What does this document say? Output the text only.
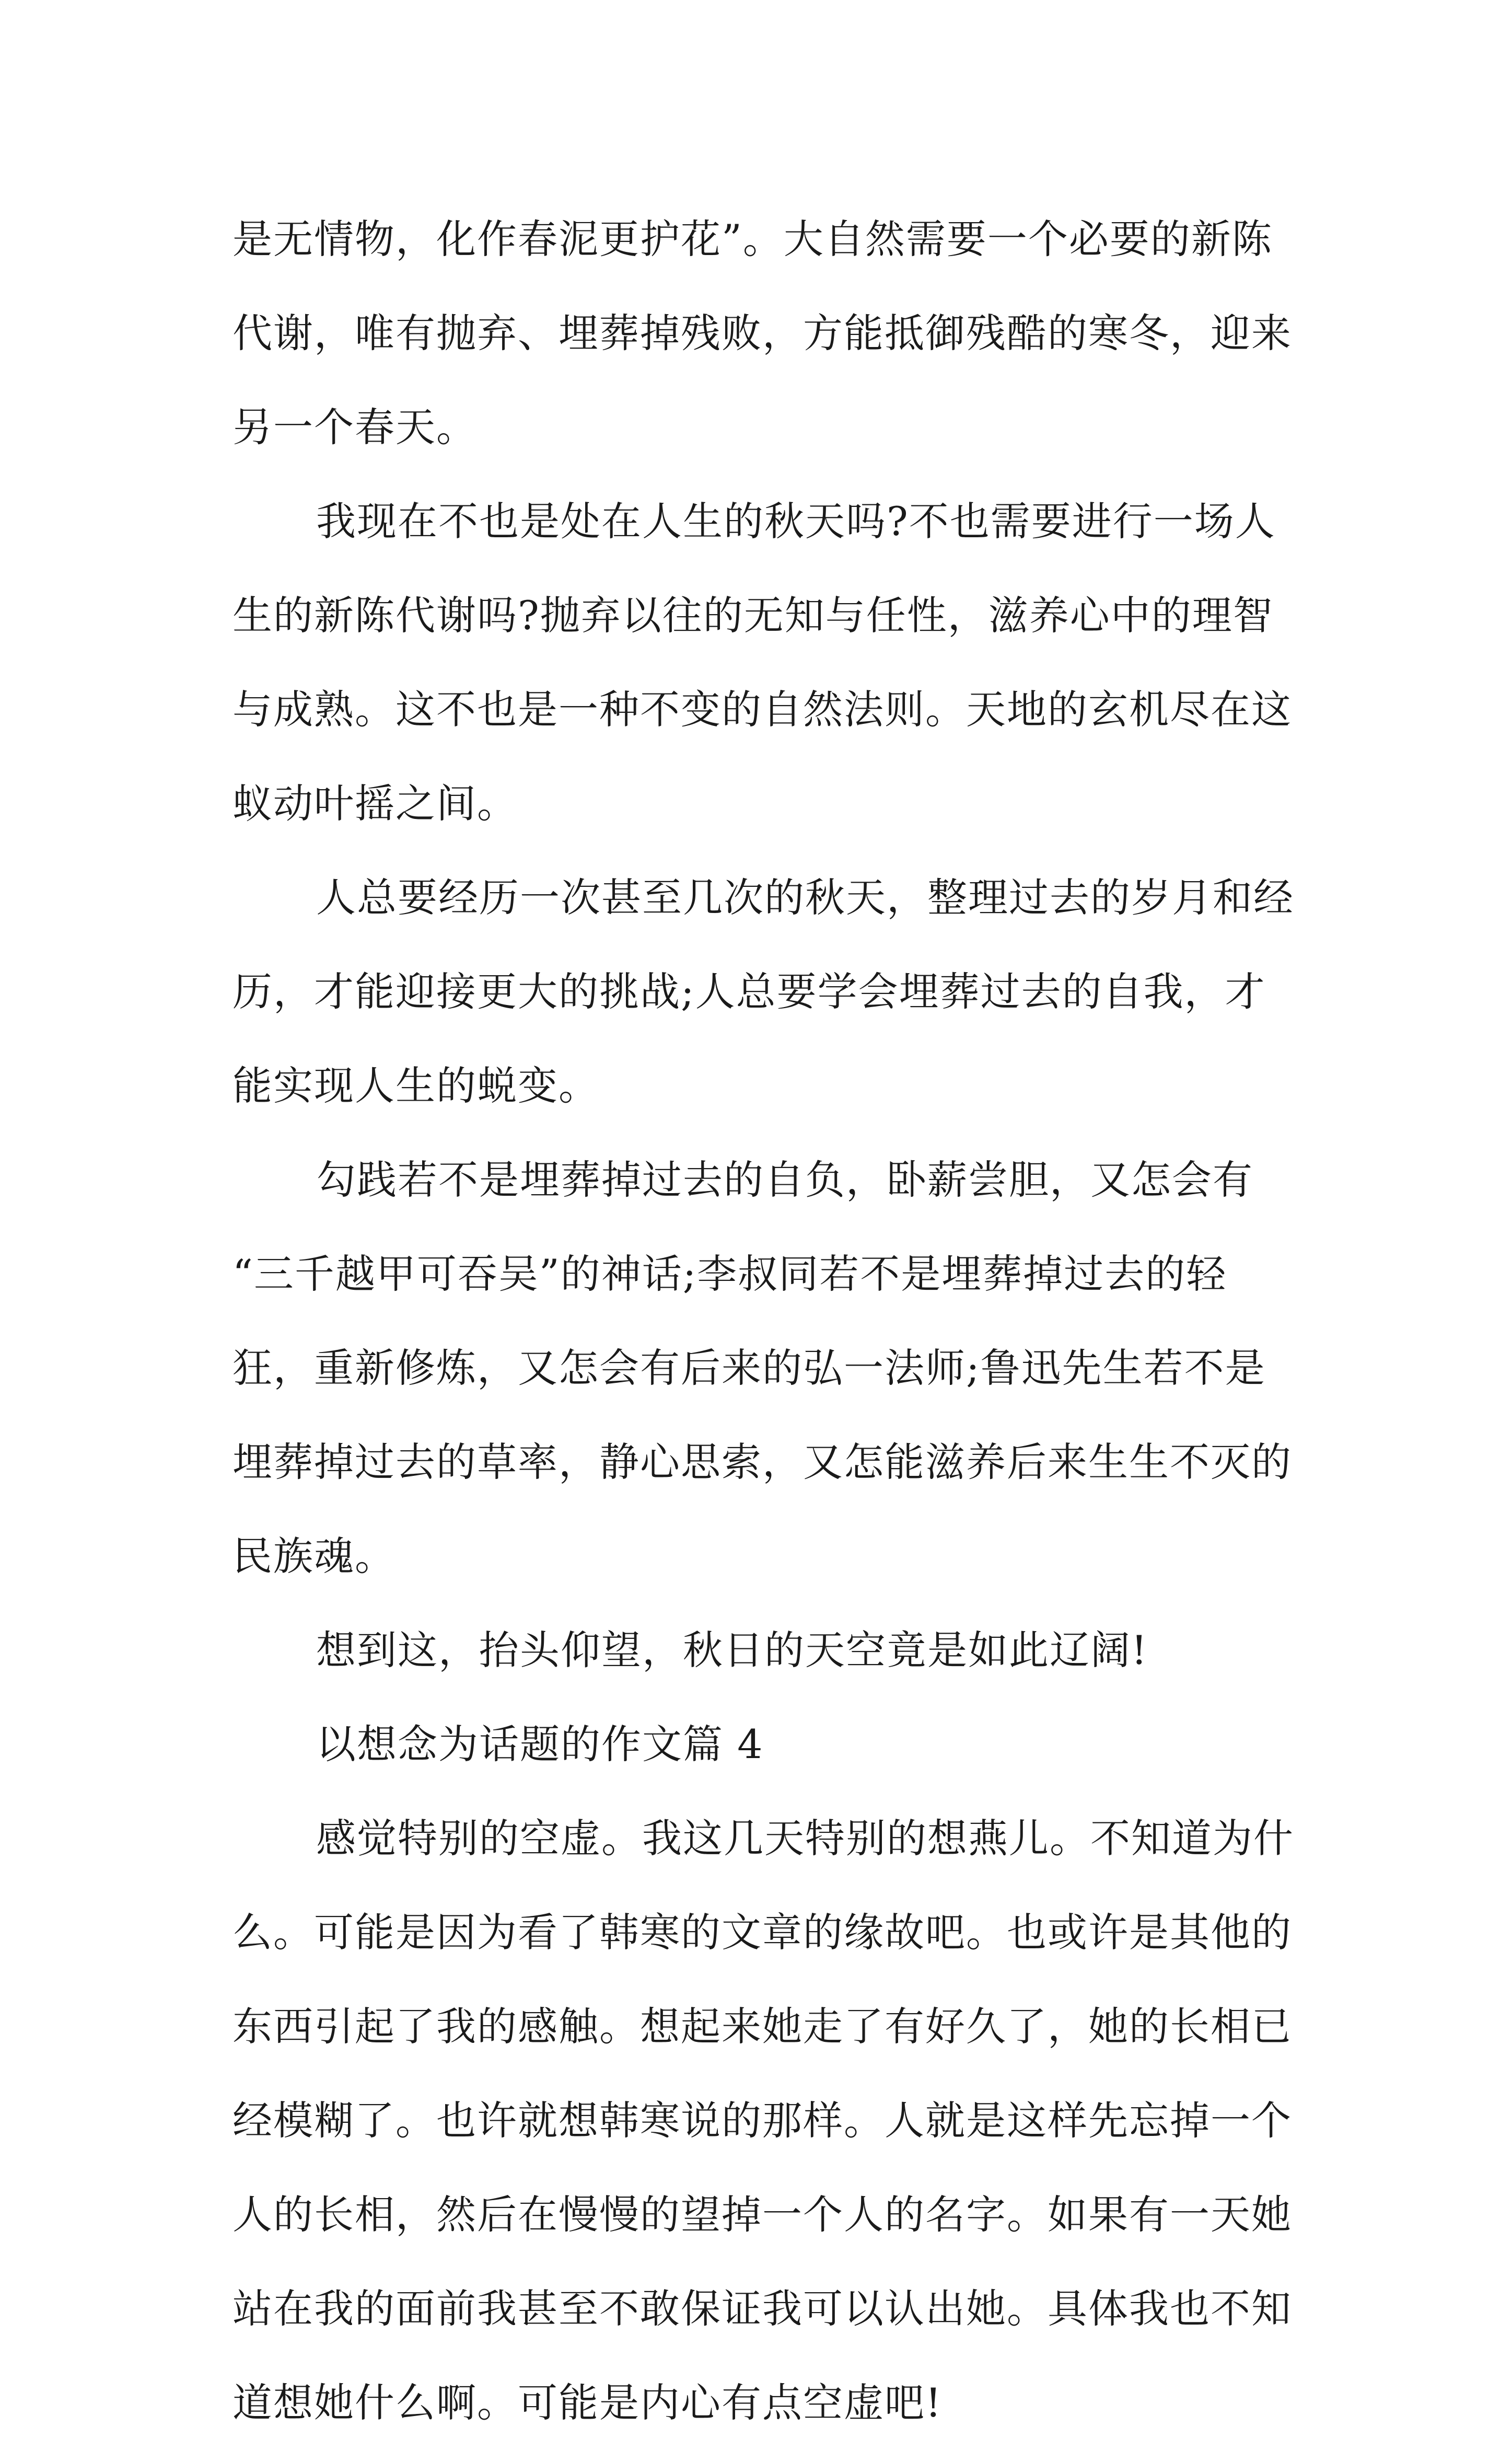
是无情物，化作春泥更护花”。大自然需要一个必要的新陈
代谢，唯有抛弃、埋葬掉残败，方能抵御残酷的寒冬，迎来
另一个春天。
我现在不也是处在人生的秋天吗?不也需要进行一场人
生的新陈代谢吗?抛弃以往的无知与任性，滋养心中的理智
与成熟。这不也是一种不变的自然法则。天地的玄机尽在这
蚁动叶摇之间。
人总要经历一次甚至几次的秋天，整理过去的岁月和经
历，才能迎接更大的挑战;人总要学会埋葬过去的自我，才
能实现人生的蜕变。
勾践若不是埋葬掉过去的自负，卧薪尝胆，又怎会有
“三千越甲可吞吴”的神话;李叔同若不是埋葬掉过去的轻
狂，重新修炼，又怎会有后来的弘一法师;鲁迅先生若不是
埋葬掉过去的草率，静心思索，又怎能滋养后来生生不灭的
民族魂。
想到这，抬头仰望，秋日的天空竟是如此辽阔!
以想念为话题的作文篇 4
感觉特别的空虚。我这几天特别的想燕儿。不知道为什
么。可能是因为看了韩寒的文章的缘故吧。也或许是其他的
东西引起了我的感触。想起来她走了有好久了，她的长相已
经模糊了。也许就想韩寒说的那样。人就是这样先忘掉一个
人的长相，然后在慢慢的望掉一个人的名字。如果有一天她
站在我的面前我甚至不敢保证我可以认出她。具体我也不知
道想她什么啊。可能是内心有点空虚吧!
